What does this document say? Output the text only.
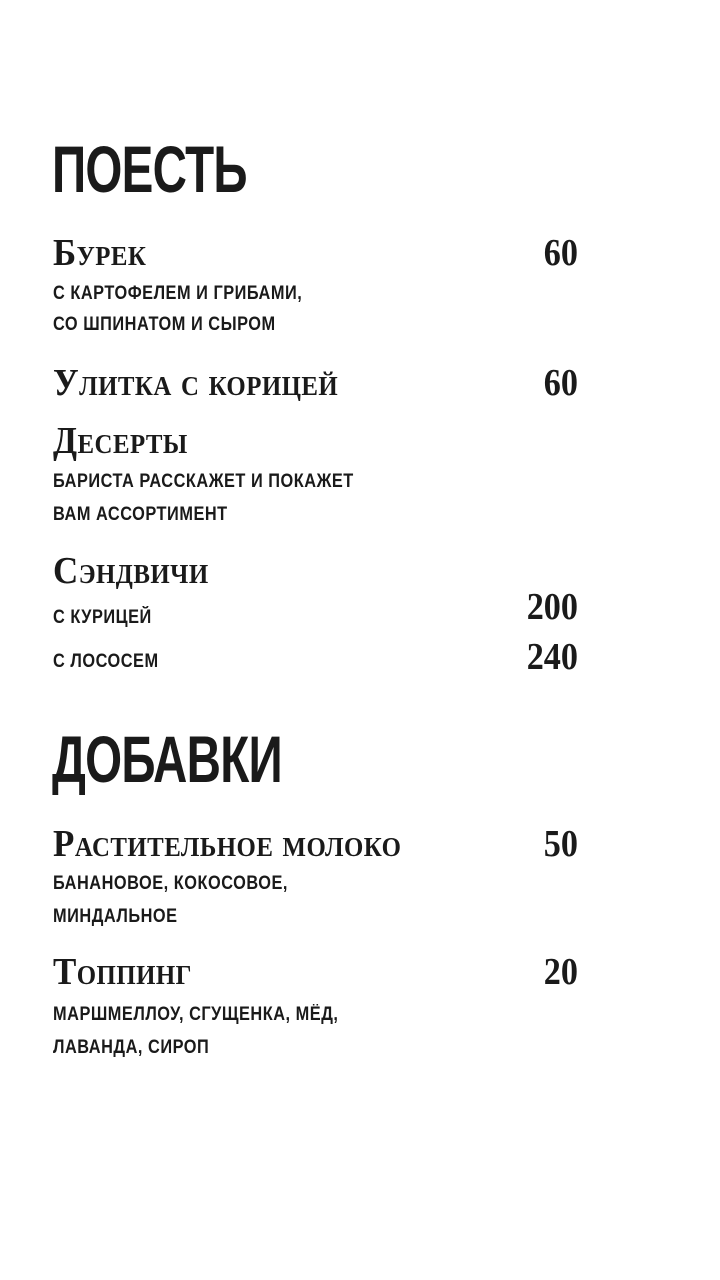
ПОЕСТЬ
Бурек	60
С КАРТОФЕЛЕМ И ГРИБАМИ,
СО ШПИНАТОМ И СЫРОМ
Улитка с корицей	60
Десерты
БАРИСТА РАССКАЖЕТ И ПОКАЖЕТ
ВАМ АССОРТИМЕНТ
Сэндвичи
С КУРИЦЕЙ	200
С ЛОСОСЕМ	240
ДОБАВКИ
Растительное молоко	50
БАНАНОВОЕ, КОКОСОВОЕ,
МИНДАЛЬНОЕ
Топпинг	20
МАРШМЕЛЛОУ, СГУЩЕНКА, МЁД,
ЛАВАНДА, СИРОП
